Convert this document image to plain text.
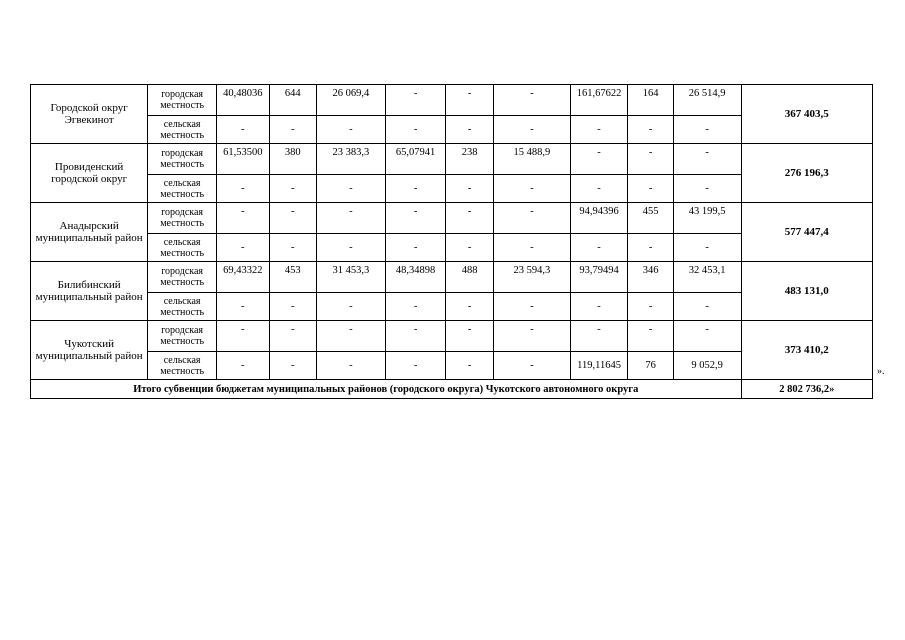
Городской округ Эгвекинот	городская местность	40,48036	644	26 069,4	-	-	-	161,67622	164	26 514,9	367 403,5
	сельская местность	-	-	-	-	-	-	-	-	-	
Провиденский городской округ	городская местность	61,53500	380	23 383,3	65,07941	238	15 488,9	-	-	-	276 196,3
	сельская местность	-	-	-	-	-	-	-	-	-	
Анадырский муниципальный район	городская местность	-	-	-	-	-	-	94,94396	455	43 199,5	577 447,4
	сельская местность	-	-	-	-	-	-	-	-	-	
Билибинский муниципальный район	городская местность	69,43322	453	31 453,3	48,34898	488	23 594,3	93,79494	346	32 453,1	483 131,0
	сельская местность	-	-	-	-	-	-	-	-	-	
Чукотский муниципальный район	городская местность	-	-	-	-	-	-	-	-	-	373 410,2
	сельская местность	-	-	-	-	-	-	119,11645	76	9 052,9	
Итого субвенции бюджетам муниципальных районов (городского округа) Чукотского автономного округа											2 802 736,2»
».
